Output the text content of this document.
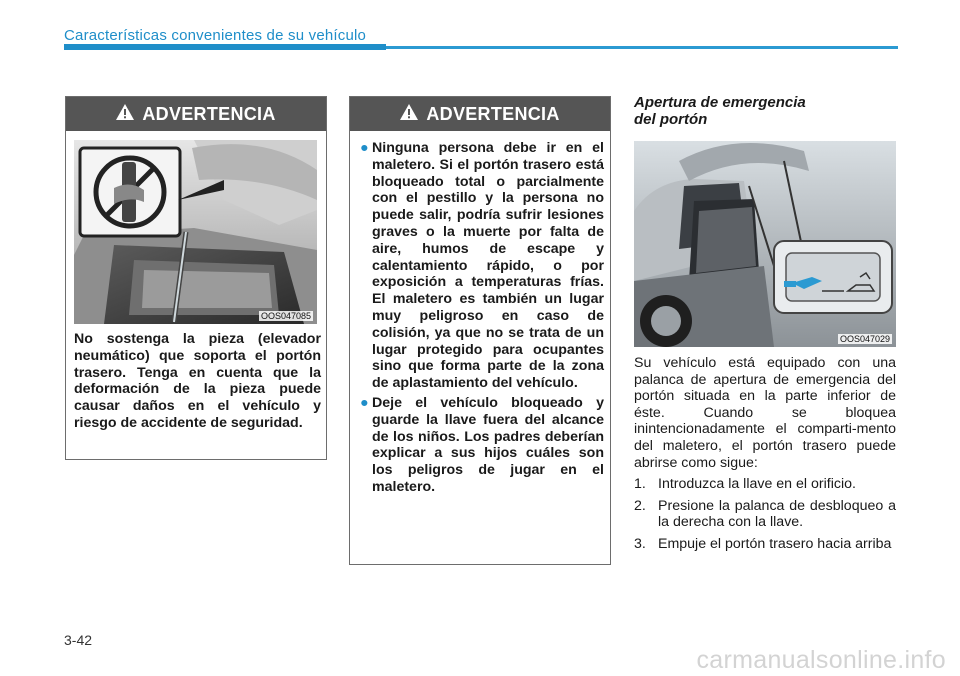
Características convenientes de su vehículo
ADVERTENCIA
OOS047085
No sostenga la pieza (elevador neumático) que soporta el portón trasero. Tenga en cuenta que la deformación de la pieza puede causar daños en el vehículo y riesgo de accidente de seguridad.
ADVERTENCIA
● Ninguna persona debe ir en el maletero. Si el portón trasero está bloqueado total o parcialmente con el pestillo y la persona no puede salir, podría sufrir lesiones graves o la muerte por falta de aire, humos de escape y calentamiento rápido, o por exposición a temperaturas frías. El maletero es también un lugar muy peligroso en caso de colisión, ya que no se trata de un lugar protegido para ocupantes sino que forma parte de la zona de aplastamiento del vehículo.
● Deje el vehículo bloqueado y guarde la llave fuera del alcance de los niños. Los padres deberían explicar a sus hijos cuáles son los peligros de jugar en el maletero.
Apertura de emergencia
del portón
OOS047029
Su vehículo está equipado con una palanca de apertura de emergencia del portón situada en la parte inferior de éste. Cuando se bloquea inintencionadamente el comparti-mento del maletero, el portón trasero puede abrirse como sigue:
1. Introduzca la llave en el orificio.
2. Presione la palanca de desbloqueo a la derecha con la llave.
3. Empuje el portón trasero hacia arriba
3-42
carmanualsonline.info
